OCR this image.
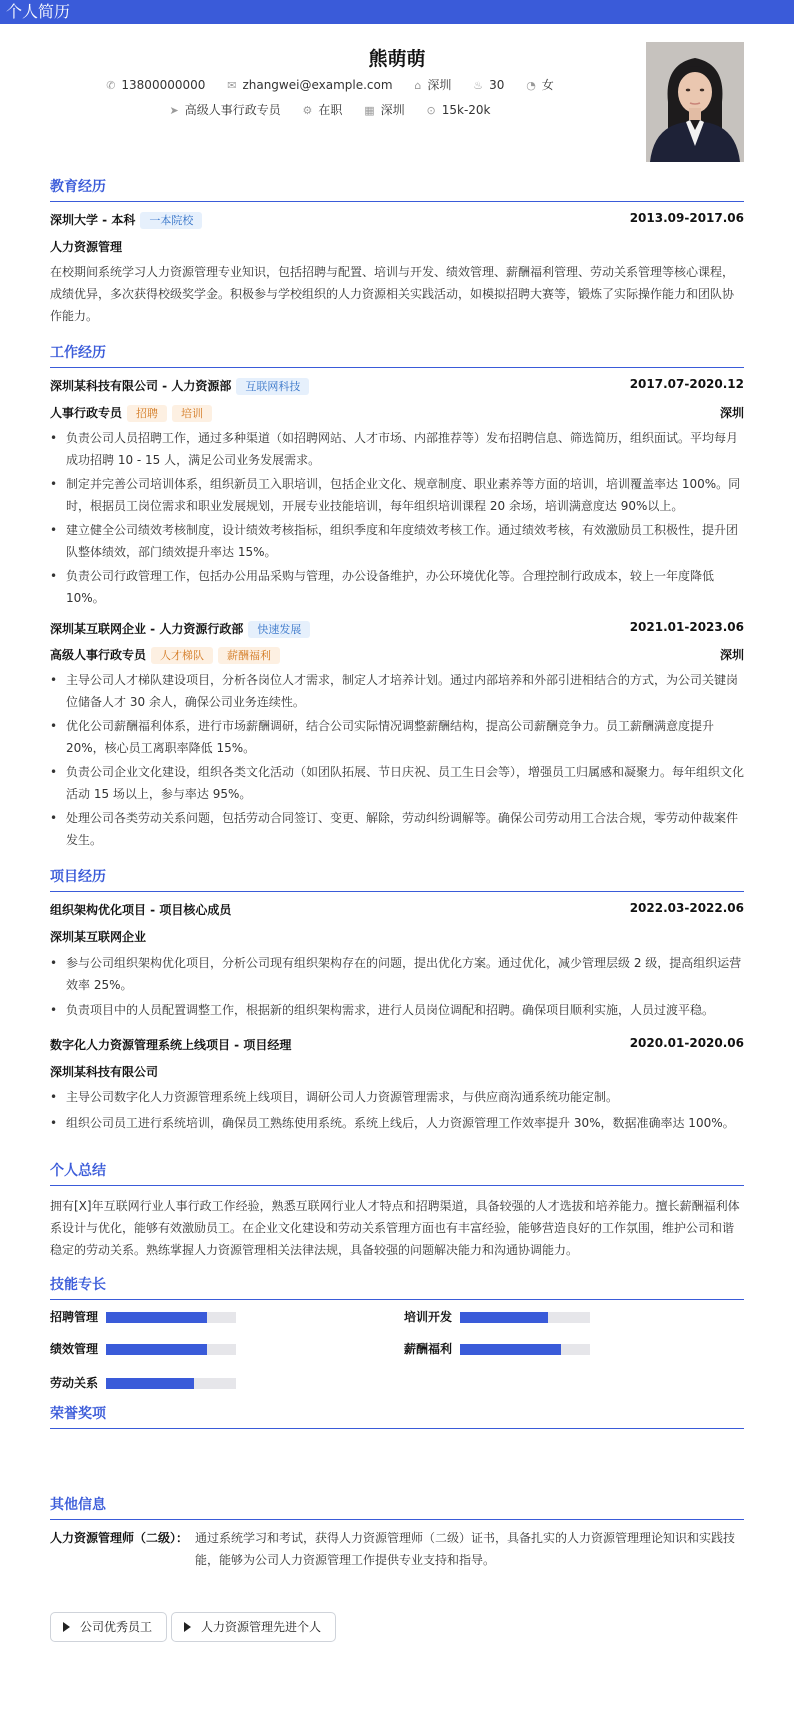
个人简历
熊萌萌
✆ 13800000000 ✉ zhangwei@example.com ⌂ 深圳 ♨ 30 ◔ 女
➤ 高级人事行政专员 ⚙ 在职 ▦ 深圳 ⊙ 15k-20k
教育经历
深圳大学 - 本科 一本院校	2013.09-2017.06
人力资源管理
在校期间系统学习人力资源管理专业知识，包括招聘与配置、培训与开发、绩效管理、薪酬福利管理、劳动关系管理等核心课程，成绩优异，多次获得校级奖学金。积极参与学校组织的人力资源相关实践活动，如模拟招聘大赛等，锻炼了实际操作能力和团队协作能力。
工作经历
深圳某科技有限公司 - 人力资源部 互联网科技	2017.07-2020.12
人事行政专员 招聘 培训	深圳
• 负责公司人员招聘工作，通过多种渠道（如招聘网站、人才市场、内部推荐等）发布招聘信息、筛选简历，组织面试。平均每月成功招聘 10 - 15 人，满足公司业务发展需求。
• 制定并完善公司培训体系，组织新员工入职培训，包括企业文化、规章制度、职业素养等方面的培训，培训覆盖率达 100%。同时，根据员工岗位需求和职业发展规划，开展专业技能培训，每年组织培训课程 20 余场，培训满意度达 90%以上。
• 建立健全公司绩效考核制度，设计绩效考核指标，组织季度和年度绩效考核工作。通过绩效考核，有效激励员工积极性，提升团队整体绩效，部门绩效提升率达 15%。
• 负责公司行政管理工作，包括办公用品采购与管理，办公设备维护，办公环境优化等。合理控制行政成本，较上一年度降低 10%。
深圳某互联网企业 - 人力资源行政部 快速发展	2021.01-2023.06
高级人事行政专员 人才梯队 薪酬福利	深圳
• 主导公司人才梯队建设项目，分析各岗位人才需求，制定人才培养计划。通过内部培养和外部引进相结合的方式，为公司关键岗位储备人才 30 余人，确保公司业务连续性。
• 优化公司薪酬福利体系，进行市场薪酬调研，结合公司实际情况调整薪酬结构，提高公司薪酬竞争力。员工薪酬满意度提升 20%，核心员工离职率降低 15%。
• 负责公司企业文化建设，组织各类文化活动（如团队拓展、节日庆祝、员工生日会等），增强员工归属感和凝聚力。每年组织文化活动 15 场以上，参与率达 95%。
• 处理公司各类劳动关系问题，包括劳动合同签订、变更、解除，劳动纠纷调解等。确保公司劳动用工合法合规，零劳动仲裁案件发生。
项目经历
组织架构优化项目 - 项目核心成员	2022.03-2022.06
深圳某互联网企业
• 参与公司组织架构优化项目，分析公司现有组织架构存在的问题，提出优化方案。通过优化，减少管理层级 2 级，提高组织运营效率 25%。
• 负责项目中的人员配置调整工作，根据新的组织架构需求，进行人员岗位调配和招聘。确保项目顺利实施，人员过渡平稳。
数字化人力资源管理系统上线项目 - 项目经理	2020.01-2020.06
深圳某科技有限公司
• 主导公司数字化人力资源管理系统上线项目，调研公司人力资源管理需求，与供应商沟通系统功能定制。
• 组织公司员工进行系统培训，确保员工熟练使用系统。系统上线后，人力资源管理工作效率提升 30%，数据准确率达 100%。
个人总结
拥有[X]年互联网行业人事行政工作经验，熟悉互联网行业人才特点和招聘渠道，具备较强的人才选拔和培养能力。擅长薪酬福利体系设计与优化，能够有效激励员工。在企业文化建设和劳动关系管理方面也有丰富经验，能够营造良好的工作氛围，维护公司和谐稳定的劳动关系。熟练掌握人力资源管理相关法律法规，具备较强的问题解决能力和沟通协调能力。
技能专长
招聘管理	培训开发
绩效管理	薪酬福利
劳动关系
荣誉奖项
公司优秀员工	人力资源管理先进个人
其他信息
人力资源管理师（二级）： 通过系统学习和考试，获得人力资源管理师（二级）证书，具备扎实的人力资源管理理论知识和实践技能，能够为公司人力资源管理工作提供专业支持和指导。
